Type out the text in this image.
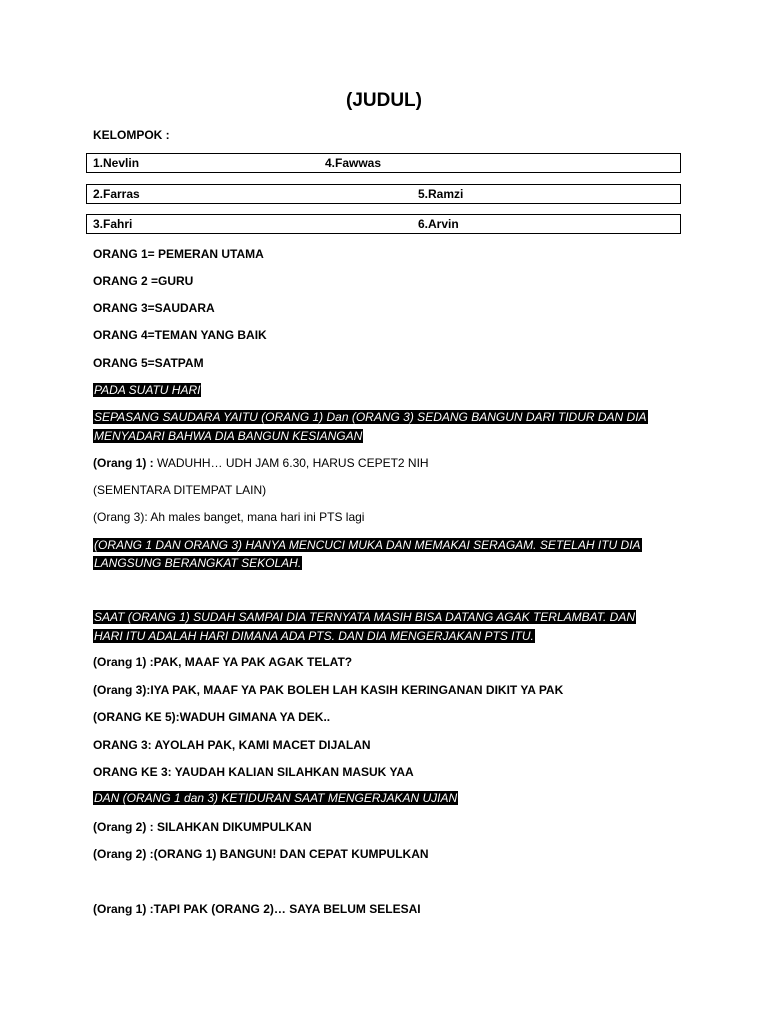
(JUDUL)
KELOMPOK :
1.Nevlin	4.Fawwas
2.Farras	5.Ramzi
3.Fahri	6.Arvin
ORANG 1= PEMERAN UTAMA
ORANG 2 =GURU
ORANG 3=SAUDARA
ORANG 4=TEMAN YANG BAIK
ORANG 5=SATPAM
PADA SUATU HARI
SEPASANG SAUDARA YAITU (ORANG 1) Dan (ORANG 3) SEDANG BANGUN DARI TIDUR DAN DIA
MENYADARI BAHWA DIA BANGUN KESIANGAN
(Orang 1) : WADUHH… UDH JAM 6.30, HARUS CEPET2 NIH
(SEMENTARA DITEMPAT LAIN)
(Orang 3): Ah males banget, mana hari ini PTS lagi
(ORANG 1 DAN ORANG 3) HANYA MENCUCI MUKA DAN MEMAKAI SERAGAM. SETELAH ITU DIA
LANGSUNG BERANGKAT SEKOLAH.
SAAT (ORANG 1) SUDAH SAMPAI DIA TERNYATA MASIH BISA DATANG AGAK TERLAMBAT. DAN
HARI ITU ADALAH HARI DIMANA ADA PTS. DAN DIA MENGERJAKAN PTS ITU.
(Orang 1) :PAK, MAAF YA PAK AGAK TELAT?
(Orang 3):IYA PAK, MAAF YA PAK BOLEH LAH KASIH KERINGANAN DIKIT YA PAK
(ORANG KE 5):WADUH GIMANA YA DEK..
ORANG 3: AYOLAH PAK, KAMI MACET DIJALAN
ORANG KE 3: YAUDAH KALIAN SILAHKAN MASUK YAA
DAN (ORANG 1 dan 3) KETIDURAN SAAT MENGERJAKAN UJIAN
(Orang 2) : SILAHKAN DIKUMPULKAN
(Orang 2) :(ORANG 1) BANGUN! DAN CEPAT KUMPULKAN
(Orang 1) :TAPI PAK (ORANG 2)… SAYA BELUM SELESAI
